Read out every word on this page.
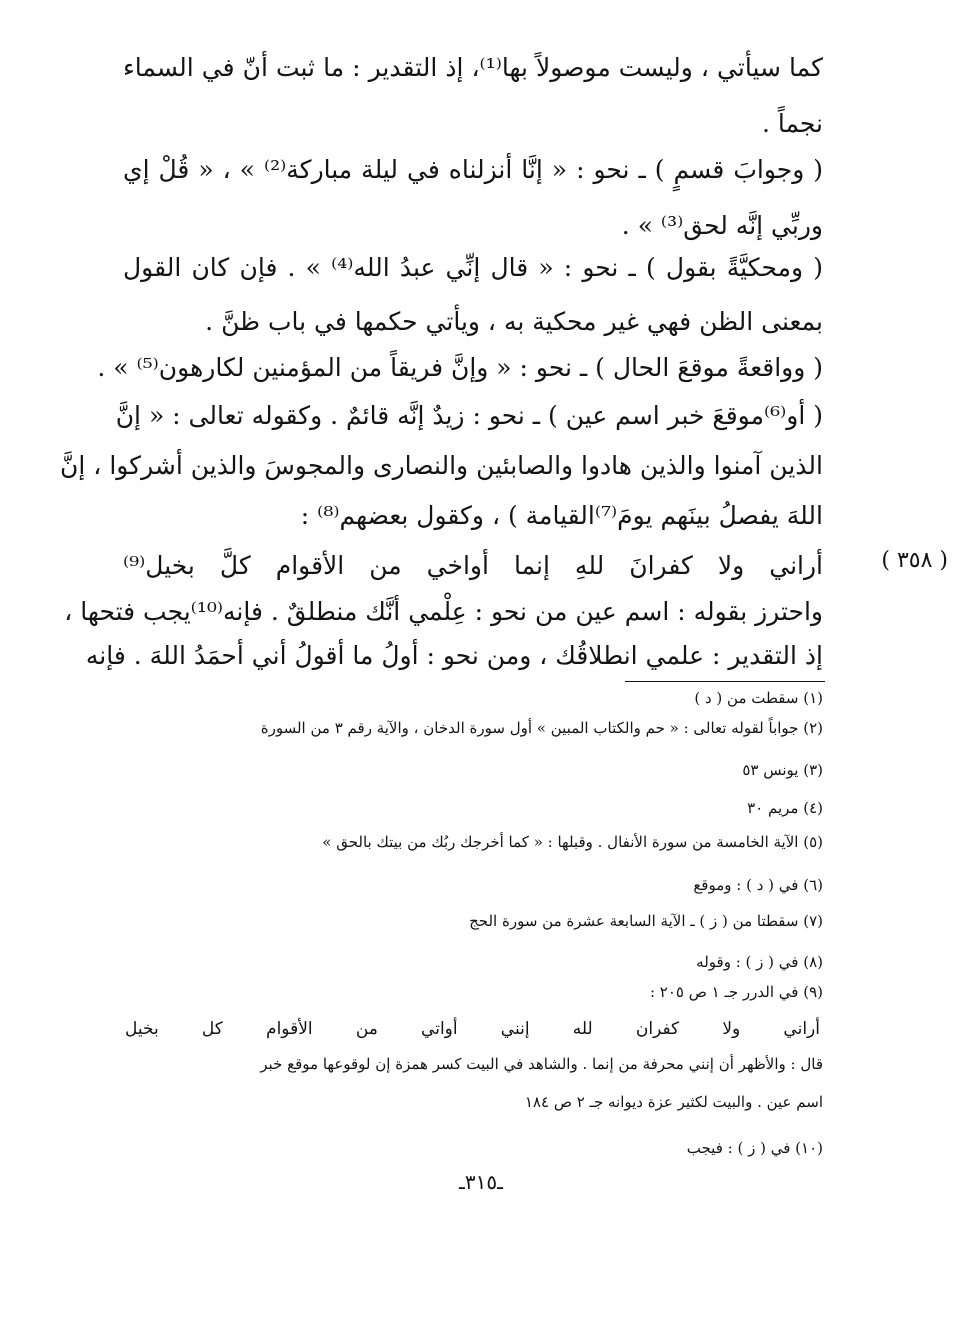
كما سيأتي ، وليست موصولاً بها⁽¹⁾، إذ التقدير : ما ثبت أنّ في السماء
نجماً .
( وجوابَ قسمٍ ) ـ نحو : « إنَّا أنزلناه في ليلة مباركة⁽²⁾ » ، « قُلْ إي
وربِّي إنَّه لحق⁽³⁾ » .
( ومحكيَّةً بقول ) ـ نحو : « قال إنِّي عبدُ الله⁽⁴⁾ » . فإن كان القول
بمعنى الظن فهي غير محكية به ، ويأتي حكمها في باب ظنَّ .
( وواقعةً موقعَ الحال ) ـ نحو : « وإنَّ فريقاً من المؤمنين لكارهون⁽⁵⁾ » .
( أو⁽⁶⁾موقعَ خبر اسم عين ) ـ نحو : زيدٌ إنَّه قائمٌ . وكقوله تعالى : « إنَّ
الذين آمنوا والذين هادوا والصابئين والنصارى والمجوسَ والذين أشركوا ، إنَّ
اللهَ يفصلُ بينَهم يومَ⁽⁷⁾القيامة ) ، وكقول بعضهم⁽⁸⁾ :
أراني ولا كفرانَ للهِ إنما أواخي من الأقوام كلَّ بخيل⁽⁹⁾
واحترز بقوله : اسم عين من نحو : عِلْمي أنَّك منطلقٌ . فإنه⁽¹⁰⁾يجب فتحها ،
إذ التقدير : علمي انطلاقُك ، ومن نحو : أولُ ما أقولُ أني أحمَدُ اللهَ . فإنه
( ٣٥٨ )
(١) سقطت من ( د )
(٢) جواباً لقوله تعالى : « حم والكتاب المبين » أول سورة الدخان ، والآية رقم ٣ من السورة
(٣) يونس ٥٣
(٤) مريم ٣٠
(٥) الآية الخامسة من سورة الأنفال . وقبلها : « كما أخرجك ربُك من بيتك بالحق »
(٦) في ( د ) : وموقع
(٧) سقطتا من ( ز ) ـ الآية السابعة عشرة من سورة الحج
(٨) في ( ز ) : وقوله
(٩) في الدرر جـ ١ ص ٢٠٥ :
أراني ولا كفران لله إنني أواتي من الأقوام كل بخيل
قال : والأظهر أن إنني محرفة من إنما . والشاهد في البيت كسر همزة إن لوقوعها موقع خبر
اسم عين . والبيت لكثير عزة ديوانه جـ ٢ ص ١٨٤
(١٠) في ( ز ) : فيجب
ـ٣١٥ـ
